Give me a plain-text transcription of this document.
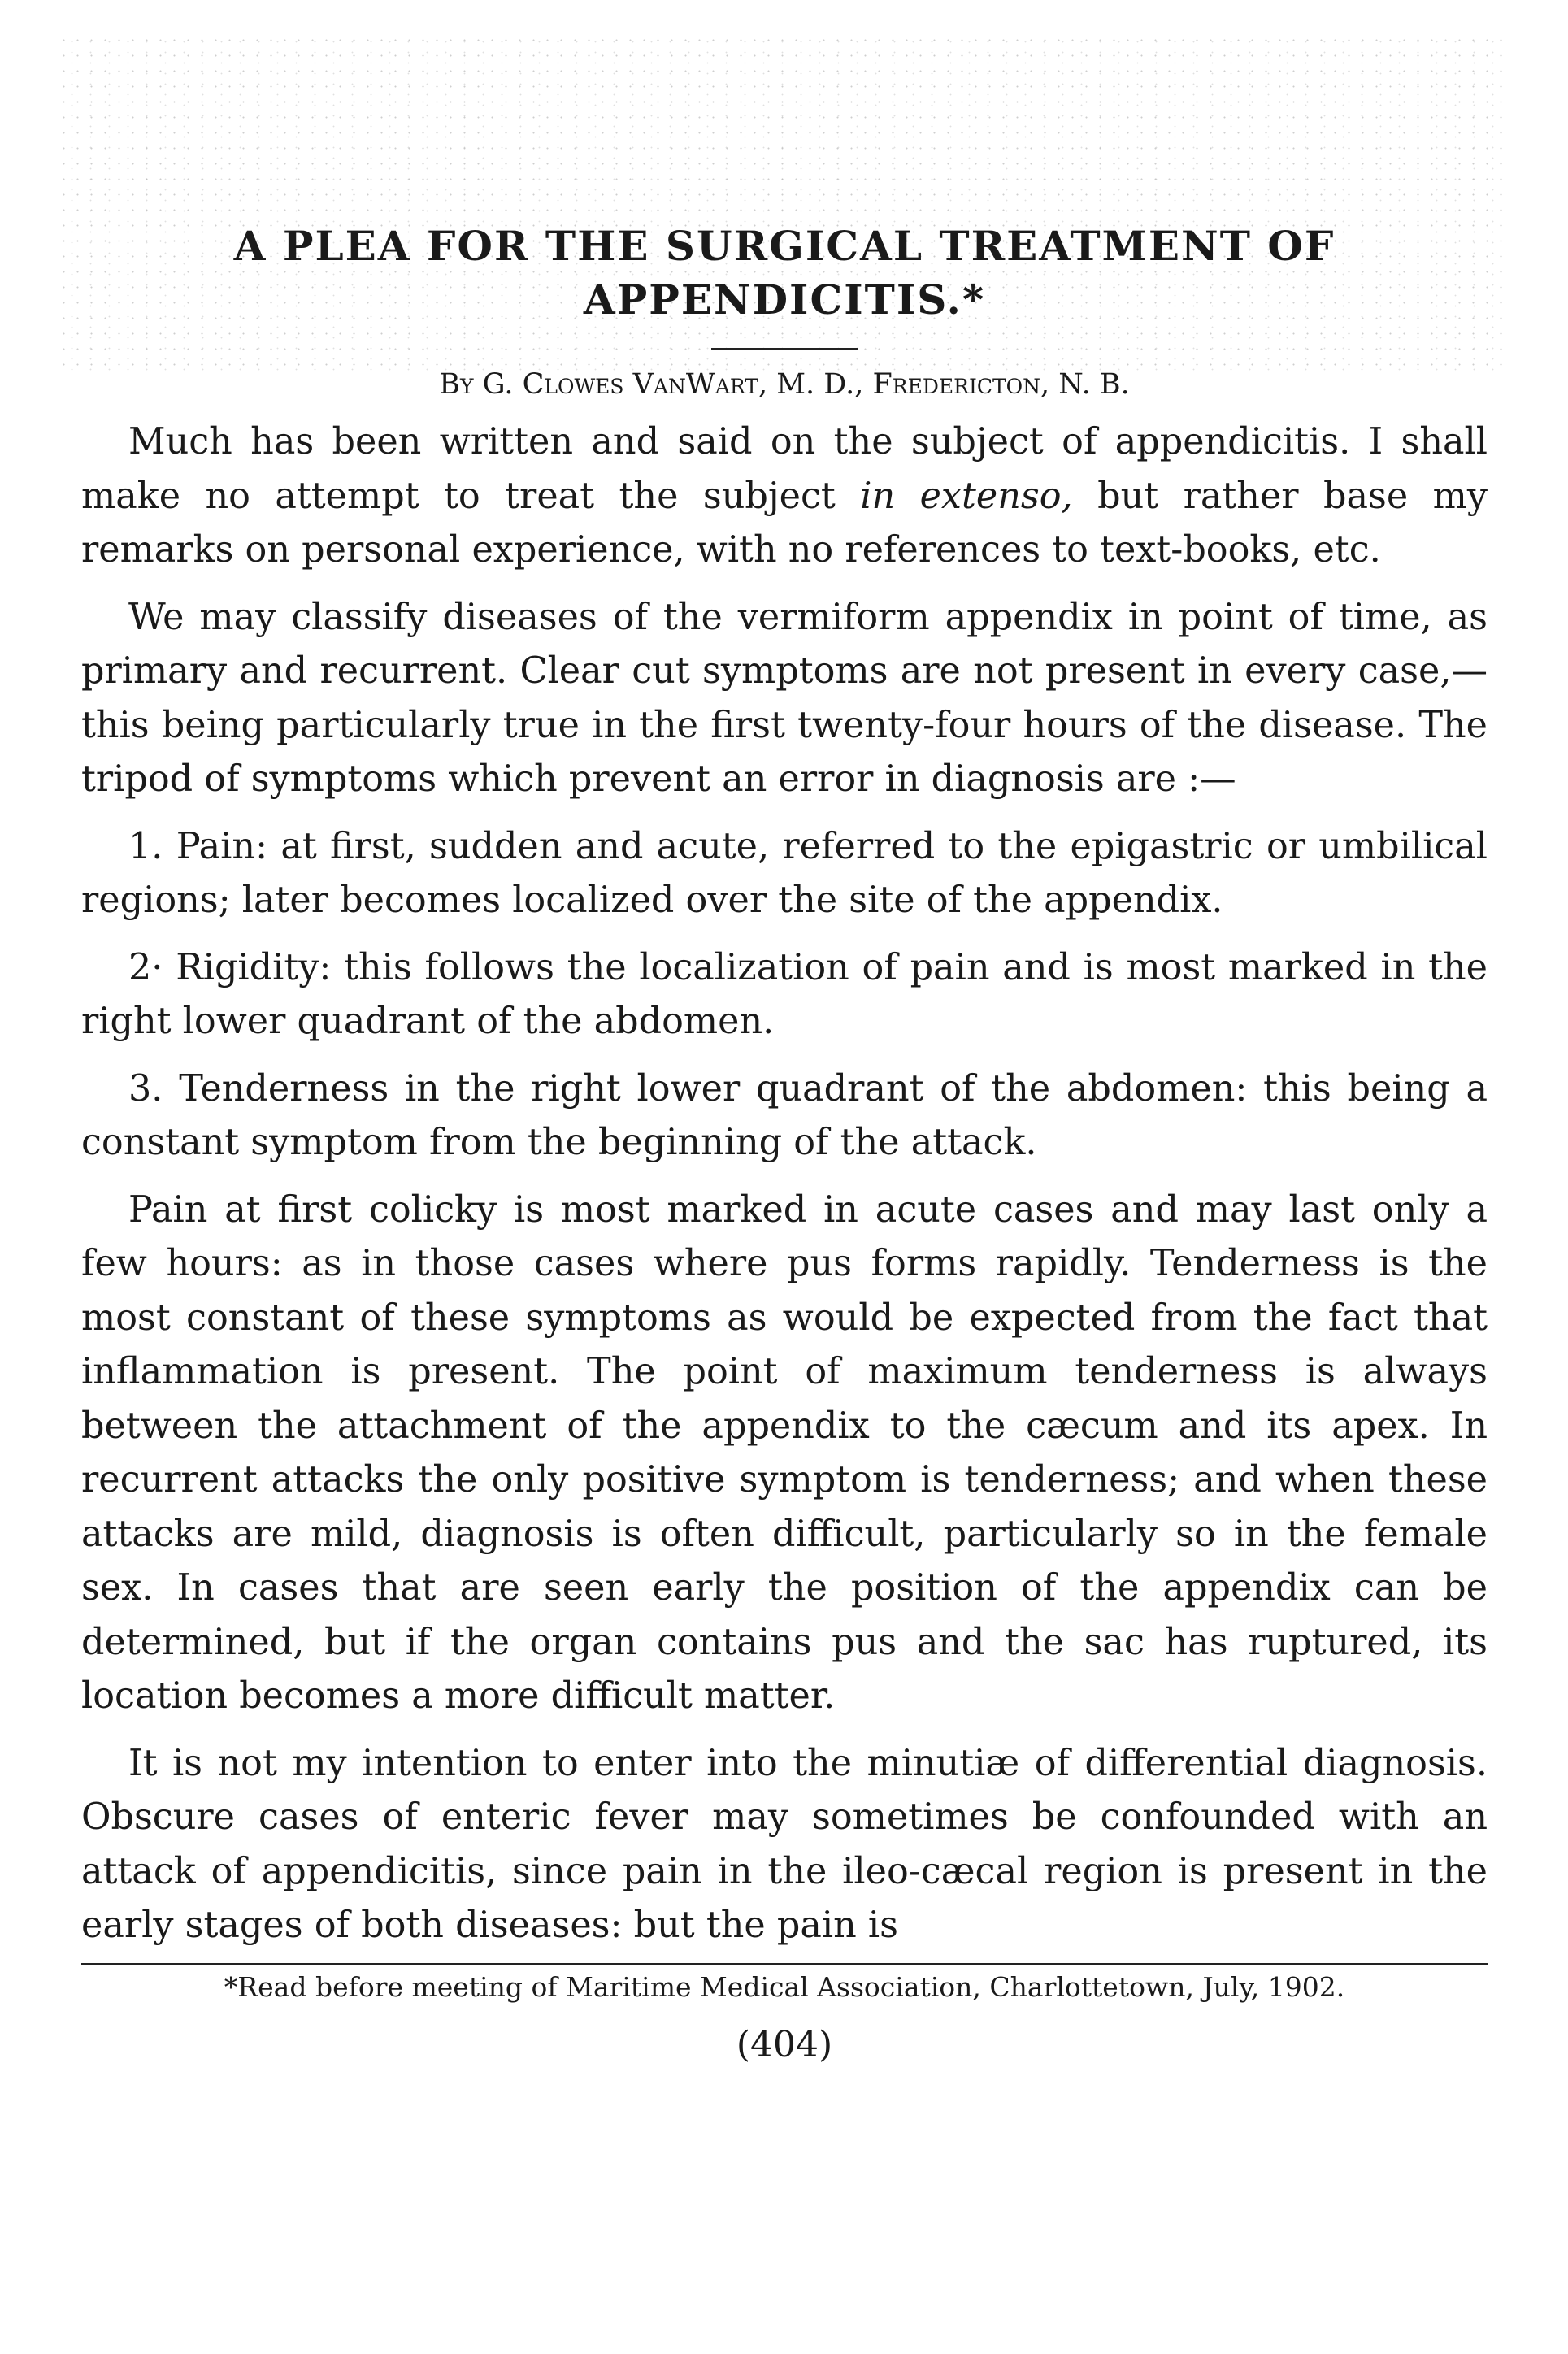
A PLEA FOR THE SURGICAL TREATMENT OF
APPENDICITIS.*

By G. Clowes VanWart, M. D., Fredericton, N. B.

Much has been written and said on the subject of appendicitis. I shall make no attempt to treat the subject in extenso, but rather base my remarks on personal experience, with no references to text-books, etc.

We may classify diseases of the vermiform appendix in point of time, as primary and recurrent. Clear cut symptoms are not present in every case,—this being particularly true in the first twenty-four hours of the disease. The tripod of symptoms which prevent an error in diagnosis are :—

1. Pain: at first, sudden and acute, referred to the epigastric or umbilical regions; later becomes localized over the site of the appendix.

2· Rigidity: this follows the localization of pain and is most marked in the right lower quadrant of the abdomen.

3. Tenderness in the right lower quadrant of the abdomen: this being a constant symptom from the beginning of the attack.

Pain at first colicky is most marked in acute cases and may last only a few hours: as in those cases where pus forms rapidly. Tenderness is the most constant of these symptoms as would be expected from the fact that inflammation is present. The point of maximum tenderness is always between the attachment of the appendix to the cæcum and its apex. In recurrent attacks the only positive symptom is tenderness; and when these attacks are mild, diagnosis is often difficult, particularly so in the female sex. In cases that are seen early the position of the appendix can be determined, but if the organ contains pus and the sac has ruptured, its location becomes a more difficult matter.

It is not my intention to enter into the minutiæ of differential diagnosis. Obscure cases of enteric fever may sometimes be confounded with an attack of appendicitis, since pain in the ileo-cæcal region is present in the early stages of both diseases: but the pain is

*Read before meeting of Maritime Medical Association, Charlottetown, July, 1902.

(404)
